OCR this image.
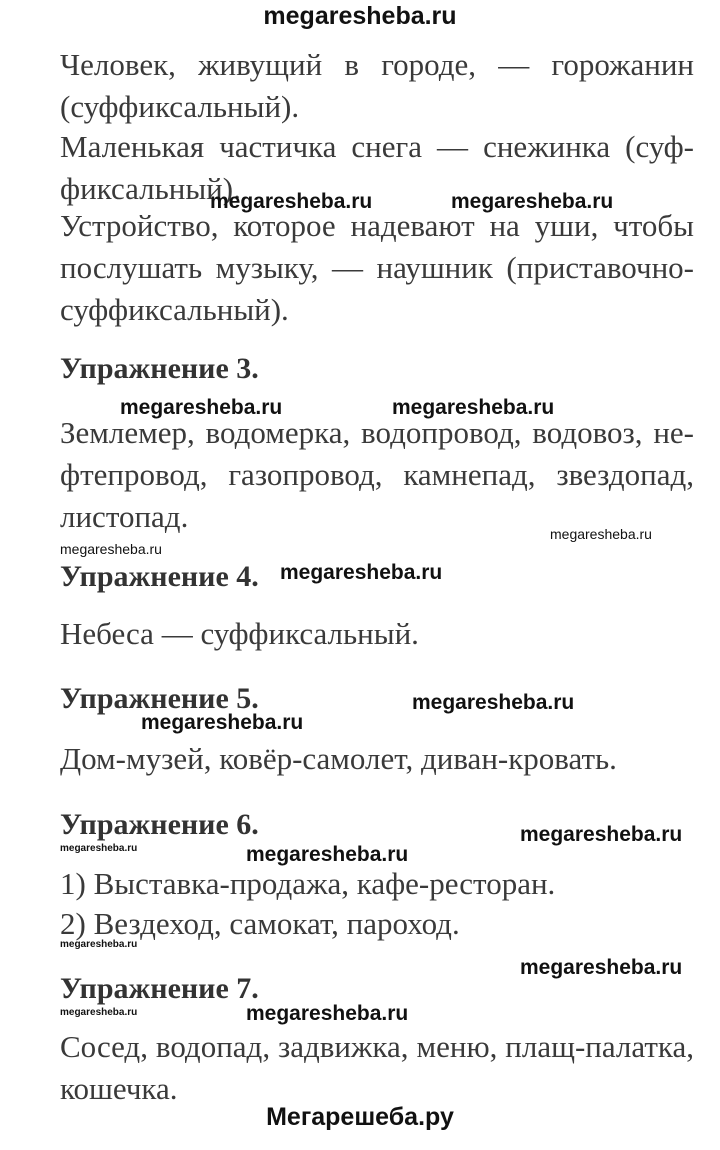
megaresheba.ru
Человек, живущий в городе, — горожанин (суффиксальный).
Маленькая частичка снега — снежинка (суффиксальный).
Устройство, которое надевают на уши, чтобы послушать музыку, — наушник (приставочно-суффиксальный).
megaresheba.ru	megaresheba.ru
Упражнение 3.
megaresheba.ru	megaresheba.ru
Землемер, водомерка, водопровод, водовоз, нефтепровод, газопровод, камнепад, звездопад, листопад.	megaresheba.ru
megaresheba.ru
Упражнение 4. megaresheba.ru
Небеса — суффиксальный.
Упражнение 5.	megaresheba.ru
megaresheba.ru
Дом-музей, ковёр-самолет, диван-кровать.
Упражнение 6.	megaresheba.ru
megaresheba.ru	megaresheba.ru
1) Выставка-продажа, кафе-ресторан.
2) Вездеход, самокат, пароход.
megaresheba.ru
megaresheba.ru
Упражнение 7.
megaresheba.ru	megaresheba.ru
Сосед, водопад, задвижка, меню, плащ-палатка, кошечка.
Мегарешеба.ру
